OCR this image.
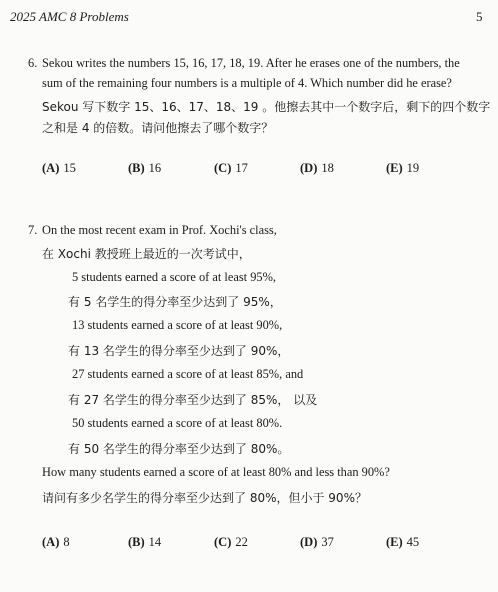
2025 AMC 8 Problems	5
6. Sekou writes the numbers 15, 16, 17, 18, 19. After he erases one of the numbers, the
sum of the remaining four numbers is a multiple of 4. Which number did he erase?
Sekou 写下数字 15、16、17、18、19 。他擦去其中一个数字后，剩下的四个数字
之和是 4 的倍数。请问他擦去了哪个数字？
(A) 15	(B) 16	(C) 17	(D) 18	(E) 19
7. On the most recent exam in Prof. Xochi's class,
在 Xochi 教授班上最近的一次考试中，
5 students earned a score of at least 95%,
有 5 名学生的得分率至少达到了 95%，
13 students earned a score of at least 90%,
有 13 名学生的得分率至少达到了 90%，
27 students earned a score of at least 85%, and
有 27 名学生的得分率至少达到了 85%， 以及
50 students earned a score of at least 80%.
有 50 名学生的得分率至少达到了 80%。
How many students earned a score of at least 80% and less than 90%?
请问有多少名学生的得分率至少达到了 80%，但小于 90%？
(A) 8	(B) 14	(C) 22	(D) 37	(E) 45
